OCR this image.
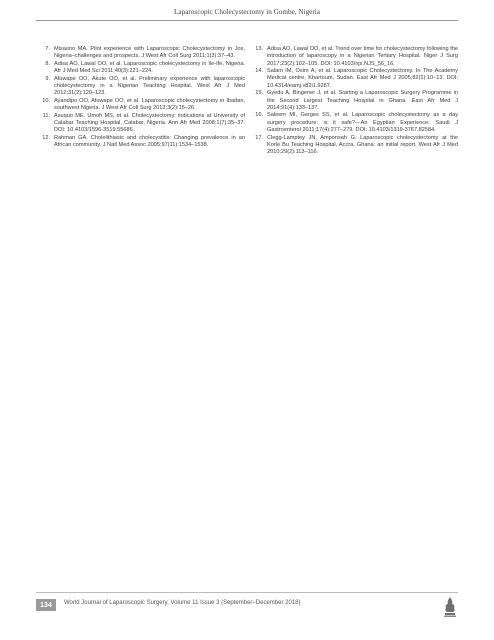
Laparoscopic Cholecystectomy in Gombe, Nigeria
7. Misauno MA. Pilot experience with Laparoscopic Cholecystectomy in Jos, Nigeria–challenges and prospects. J West Afr Coll Surg 2011;1(3):37–43.
8. Adisa AO, Lawal OO, et al. Laparoscopic cholecystectomy in Ile-Ife, Nigeria. Afr J Med Med Sci 2011;40(3):221–224.
9. Afuwape OO, Akute OO, et al. Preliminary experience with laparoscopic cholecystectomy in a Nigerian Teaching Hospital. West Afr J Med 2012;31(2):120–123.
10. Ayandipo OO, Afuwape OO, et al. Laparoscopic cholecystectomy in Ibadan, southwest Nigeria. J West Afr Coll Surg 2013;3(2):15–26.
11. Asuquo ME, Umoh MS, et al. Cholecystectomy: indications at University of Calabar Teaching Hospital, Calabar, Nigeria. Ann Afr Med 2008;1(7):35–37. DOI: 10.4103/1596-3519.55686.
12. Rahman GA. Cholelithiasis and cholecystitis: Changing prevalence in an African community. J Natl Med Assoc 2005;97(11):1534–1538.
13. Adisa AO, Lawal OO, et al. Trend over time for cholecystectomy following the introduction of laparoscopy in a Nigerian Tertiary Hospital. Niger J Surg 2017;23(2):102–105. DOI: 10.4103/njs.NJS_56_16.
14. Salam IM, Osim A, et al. Laparoscopic Cholecystectomy. In The Academy Medical centre, Khartoum, Sudan. East Afr Med J 2005;82(1):10–13. DOI: 10.4314/eamj.v82i1.9287.
15. Gyedu A, Bingener J, et al. Starting a Laparoscopic Surgery Programme in the Second Largest Teaching Hospital in Ghana. East Afr Med J 2014;91(4):133–137.
16. Saleem MI, Gerges SS, et al. Laparoscopic cholecystectomy as a day surgery procedure: is it safe?—An Egyptian Experience. Saudi J Gastroenterol 2011;17(4):277–279. DOI: 10.4103/1319-3767.82584.
17. Clegg-Lamptey JN, Amponsah G. Laparoscopic cholecystectomy at the Korle Bu Teaching Hospital, Accra, Ghana: an initial report. West Afr J Med 2010;29(2):113–116.
134	World Journal of Laparoscopic Surgery, Volume 11 Issue 3 (September–December 2018)
